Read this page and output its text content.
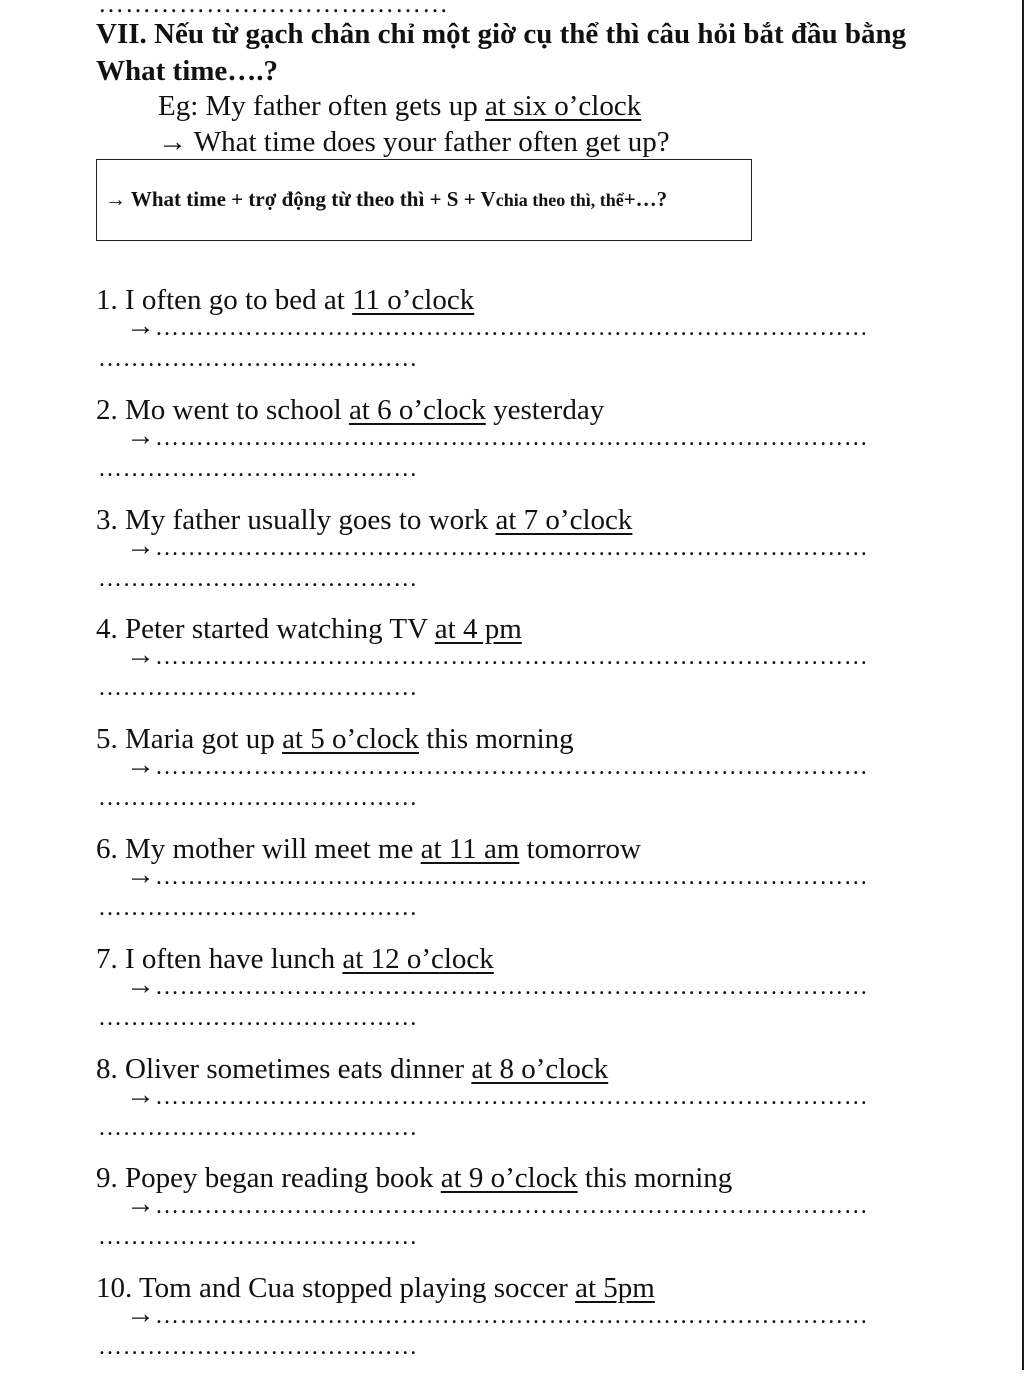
…………………………………
VII. Nếu từ gạch chân chỉ một giờ cụ thể thì câu hỏi bắt đầu bằng What time….?
Eg: My father often gets up at six o’clock
→ What time does your father often get up?
→ What time + trợ động từ theo thì + S + Vchia theo thì, thể+…?
1. I often go to bed at 11 o’clock
→……………………………………………………………………………
…………………………………
2. Mo went to school at 6 o’clock yesterday
→……………………………………………………………………………
…………………………………
3. My father usually goes to work at 7 o’clock
→……………………………………………………………………………
…………………………………
4. Peter started watching TV at 4 pm
→……………………………………………………………………………
…………………………………
5. Maria got up at 5 o’clock this morning
→……………………………………………………………………………
…………………………………
6. My mother will meet me at 11 am tomorrow
→……………………………………………………………………………
…………………………………
7. I often have lunch at 12 o’clock
→……………………………………………………………………………
…………………………………
8. Oliver sometimes eats dinner at 8 o’clock
→……………………………………………………………………………
…………………………………
9. Popey began reading book at 9 o’clock this morning
→……………………………………………………………………………
…………………………………
10. Tom and Cua stopped playing soccer at 5pm
→……………………………………………………………………………
…………………………………
